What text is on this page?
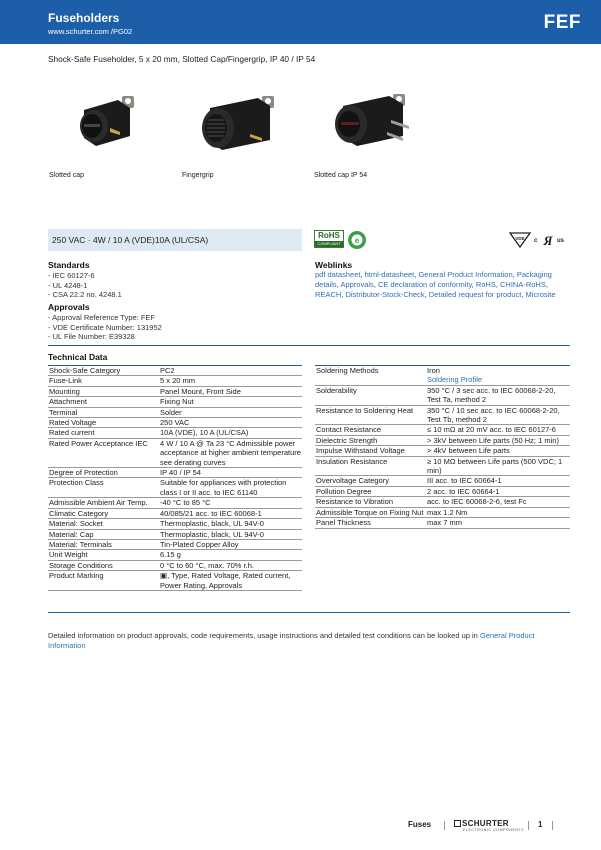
Fuseholders
www.schurter.com /PG02	FEF
Shock-Safe Fuseholder, 5 x 20 mm, Slotted Cap/Fingergrip, IP 40 / IP 54
Slotted cap	Fingergrip	Slotted cap IP 54
250 VAC · 4W / 10 A (VDE)10A (UL/CSA)	RoHS
COMPLIANT e	VDE c Я us
Standards
- IEC 60127-6
- UL 4248-1
- CSA 22.2 no. 4248.1
Approvals
- Approval Reference Type: FEF
- VDE Certificate Number: 131952
- UL File Number: E39328
Weblinks
pdf datasheet, html-datasheet, General Product Information, Packaging details, Approvals, CE declaration of conformity, RoHS, CHINA-RoHS, REACH, Distributor-Stock-Check, Detailed request for product, Microsite
Technical Data
Shock-Safe Category	PC2
Fuse-Link	5 x 20 mm
Mounting	Panel Mount, Front Side
Attachment	Fixing Nut
Terminal	Solder
Rated Voltage	250 VAC
Rated current	10A (VDE), 10 A (UL/CSA)
Rated Power Acceptance IEC	4 W / 10 A @ Ta 23 °C Admissible power acceptance at higher ambient temperature see derating curves
Degree of Protection	IP 40 / IP 54
Protection Class	Suitable for appliances with protection class I or II acc. to IEC 61140
Admissible Ambient Air Temp.	-40 °C to 85 °C
Climatic Category	40/085/21 acc. to IEC 60068-1
Material: Socket	Thermoplastic, black, UL 94V-0
Material: Cap	Thermoplastic, black, UL 94V-0
Material: Terminals	Tin-Plated Copper Alloy
Unit Weight	6.15 g
Storage Conditions	0 °C to 60 °C, max. 70% r.h.
Product Marking	▣, Type, Rated Voltage, Rated current, Power Rating, Approvals
Soldering Methods	Iron
Soldering Profile
Solderability	350 °C / 3 sec acc. to IEC 60068-2-20, Test Ta, method 2
Resistance to Soldering Heat	350 °C / 10 sec acc. to IEC 60068-2-20, Test Tb, method 2
Contact Resistance	≤ 10 mΩ at 20 mV acc. to IEC 60127-6
Dielectric Strength	> 3kV between Life parts (50 Hz; 1 min)
Impulse Withstand Voltage	> 4kV between Life parts
Insulation Resistance	≥ 10 MΩ between Life parts (500 VDC; 1 min)
Overvoltage Category	III acc. to IEC 60664-1
Pollution Degree	2 acc. to IEC 60664-1
Resistance to Vibration	acc. to IEC 60068-2-6, test Fc
Admissible Torque on Fixing Nut	max 1.2 Nm
Panel Thickness	max 7 mm
Detailed information on product approvals, code requirements, usage instructions and detailed test conditions can be looked up in General Product Information
Fuses	1
SCHURTER
ELECTRONIC COMPONENTS
